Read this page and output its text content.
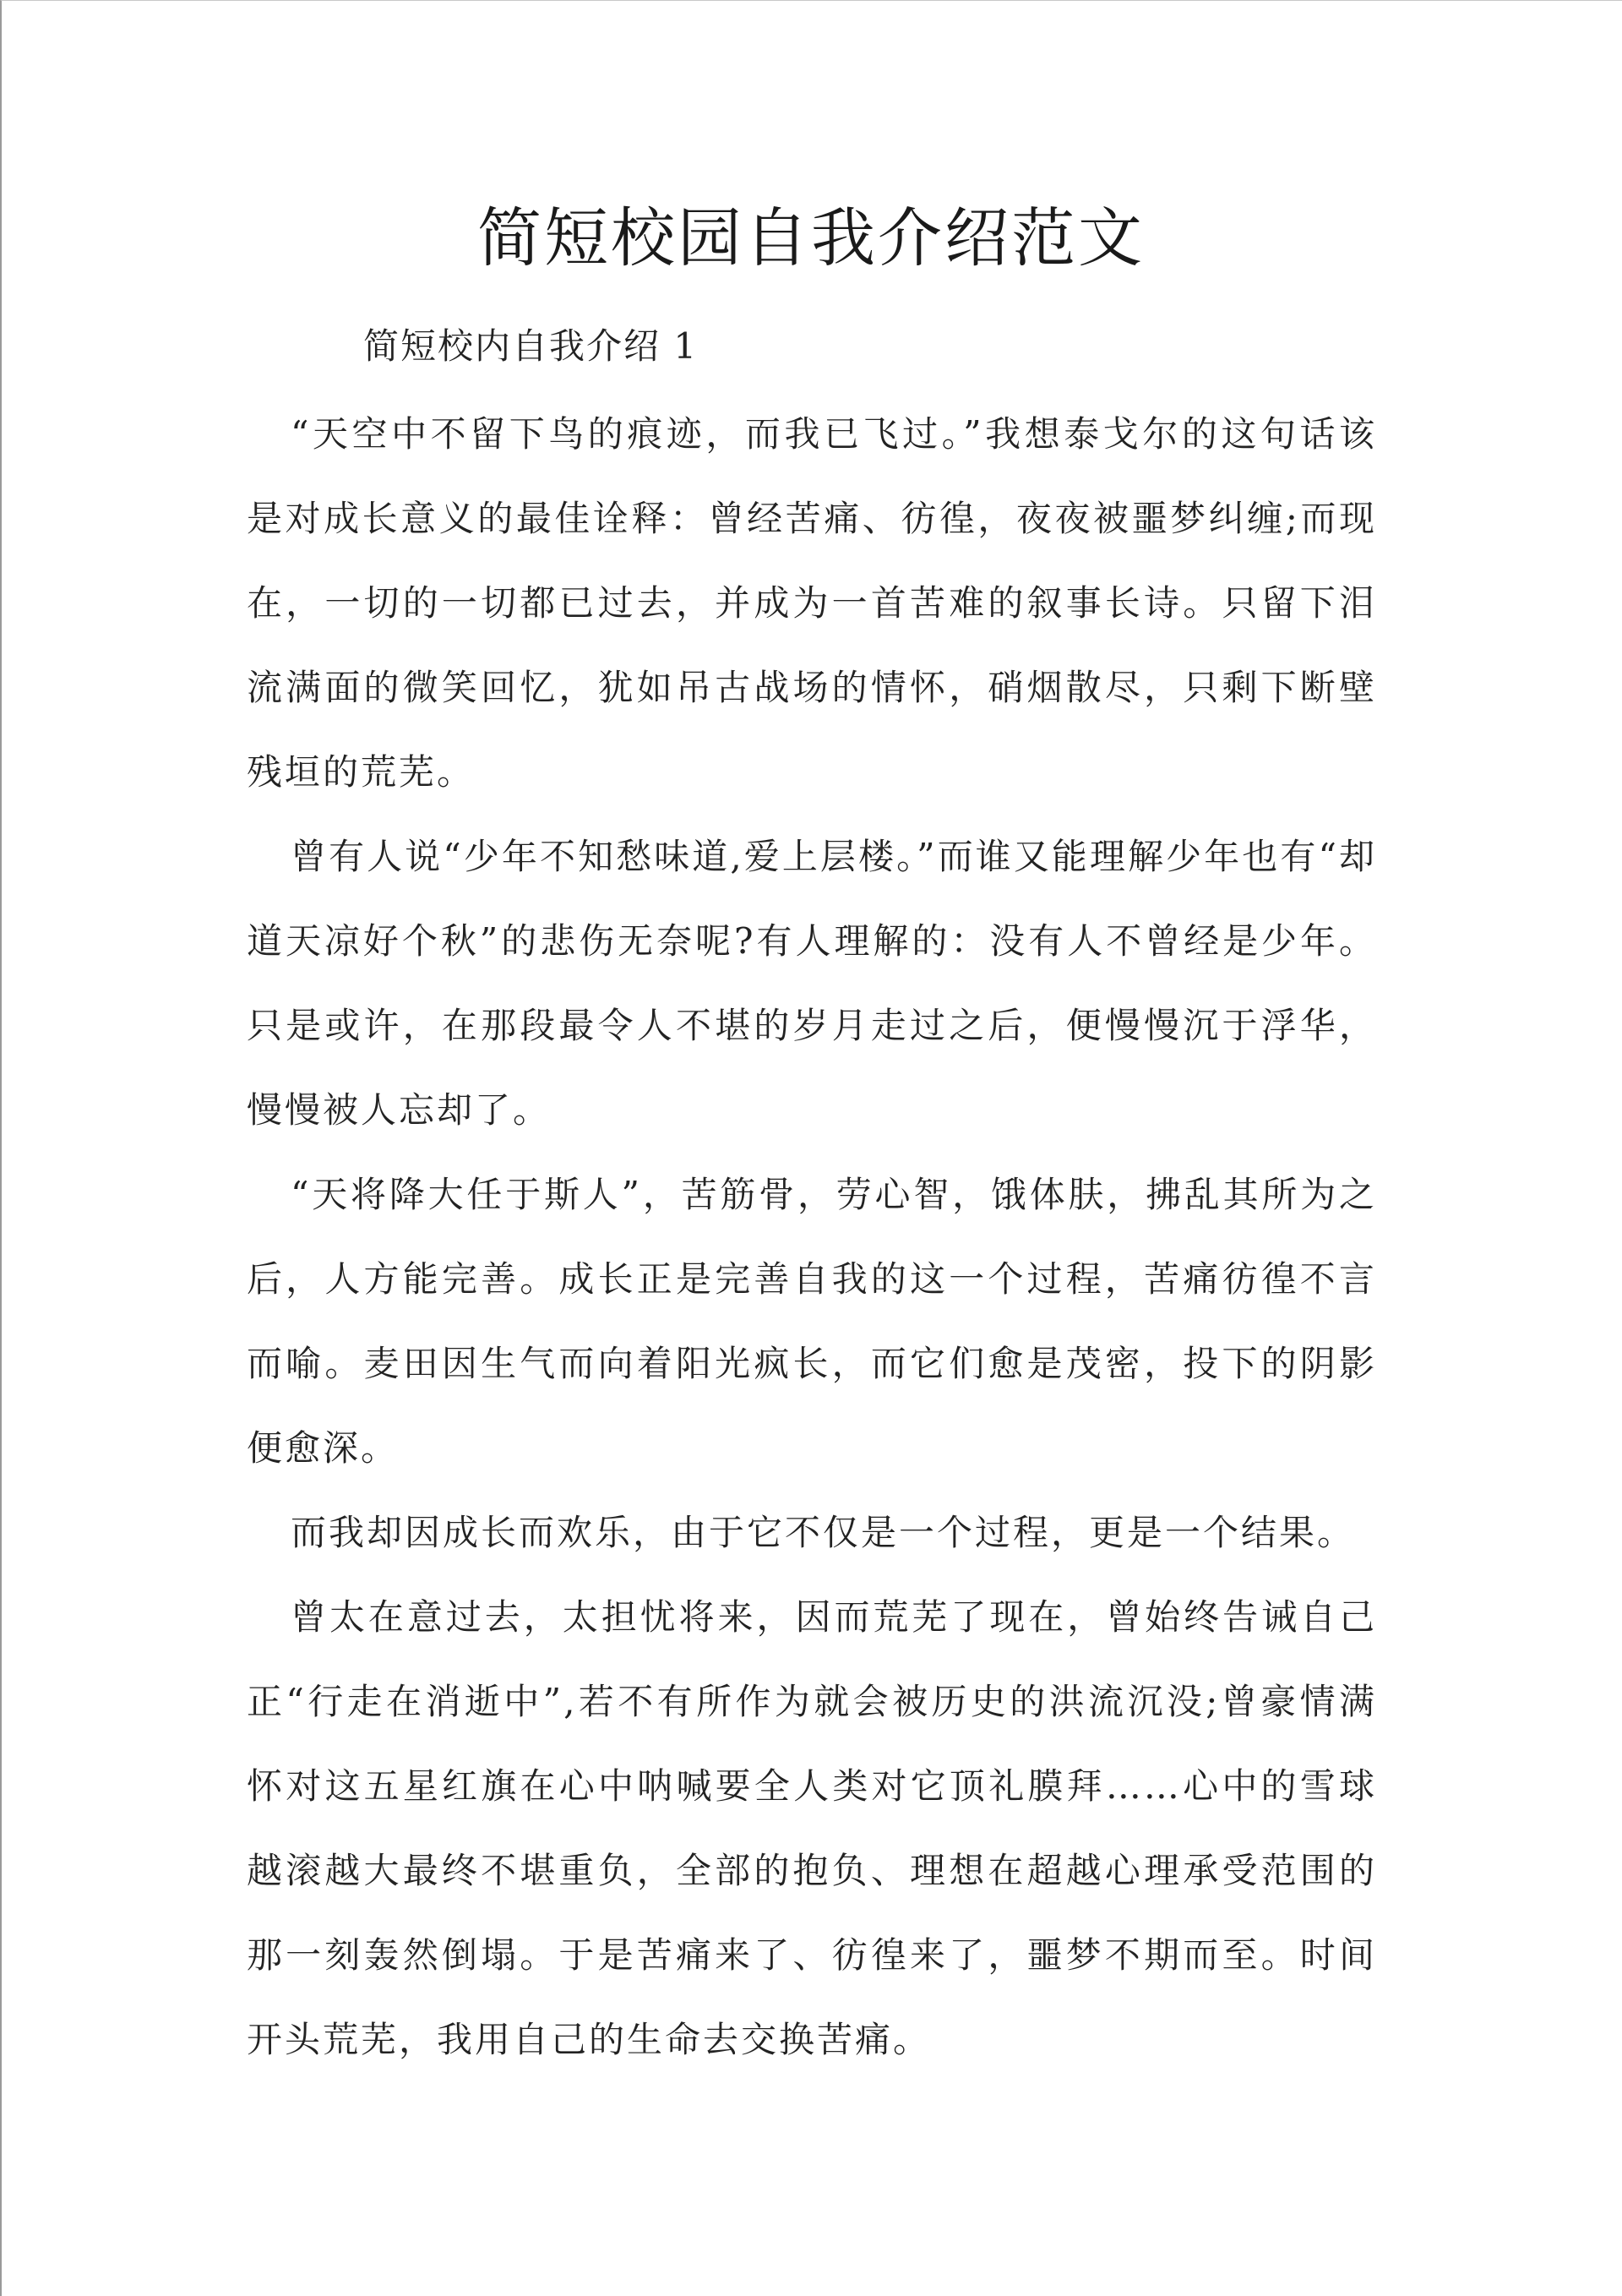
简短校园自我介绍范文

简短校内自我介绍 1

“天空中不留下鸟的痕迹，而我已飞过。”我想泰戈尔的这句话该是对成长意义的最佳诠释：曾经苦痛、彷徨，夜夜被噩梦纠缠;而现在，一切的一切都已过去，并成为一首苦难的叙事长诗。只留下泪流满面的微笑回忆，犹如吊古战场的情怀，硝烟散尽，只剩下断壁残垣的荒芜。

曾有人说“少年不知愁味道,爱上层楼。”而谁又能理解少年也有“却道天凉好个秋”的悲伤无奈呢?有人理解的：没有人不曾经是少年。只是或许，在那段最令人不堪的岁月走过之后，便慢慢沉于浮华，慢慢被人忘却了。

“天将降大任于斯人”，苦筋骨，劳心智，饿体肤，拂乱其所为之后，人方能完善。成长正是完善自我的这一个过程，苦痛彷徨不言而喻。麦田因生气而向着阳光疯长，而它们愈是茂密，投下的阴影便愈深。

而我却因成长而欢乐，由于它不仅是一个过程，更是一个结果。

曾太在意过去，太担忧将来，因而荒芜了现在，曾始终告诫自己正“行走在消逝中”,若不有所作为就会被历史的洪流沉没;曾豪情满怀对这五星红旗在心中呐喊要全人类对它顶礼膜拜……心中的雪球越滚越大最终不堪重负，全部的抱负、理想在超越心理承受范围的那一刻轰然倒塌。于是苦痛来了、彷徨来了，噩梦不期而至。时间开头荒芜，我用自己的生命去交换苦痛。
